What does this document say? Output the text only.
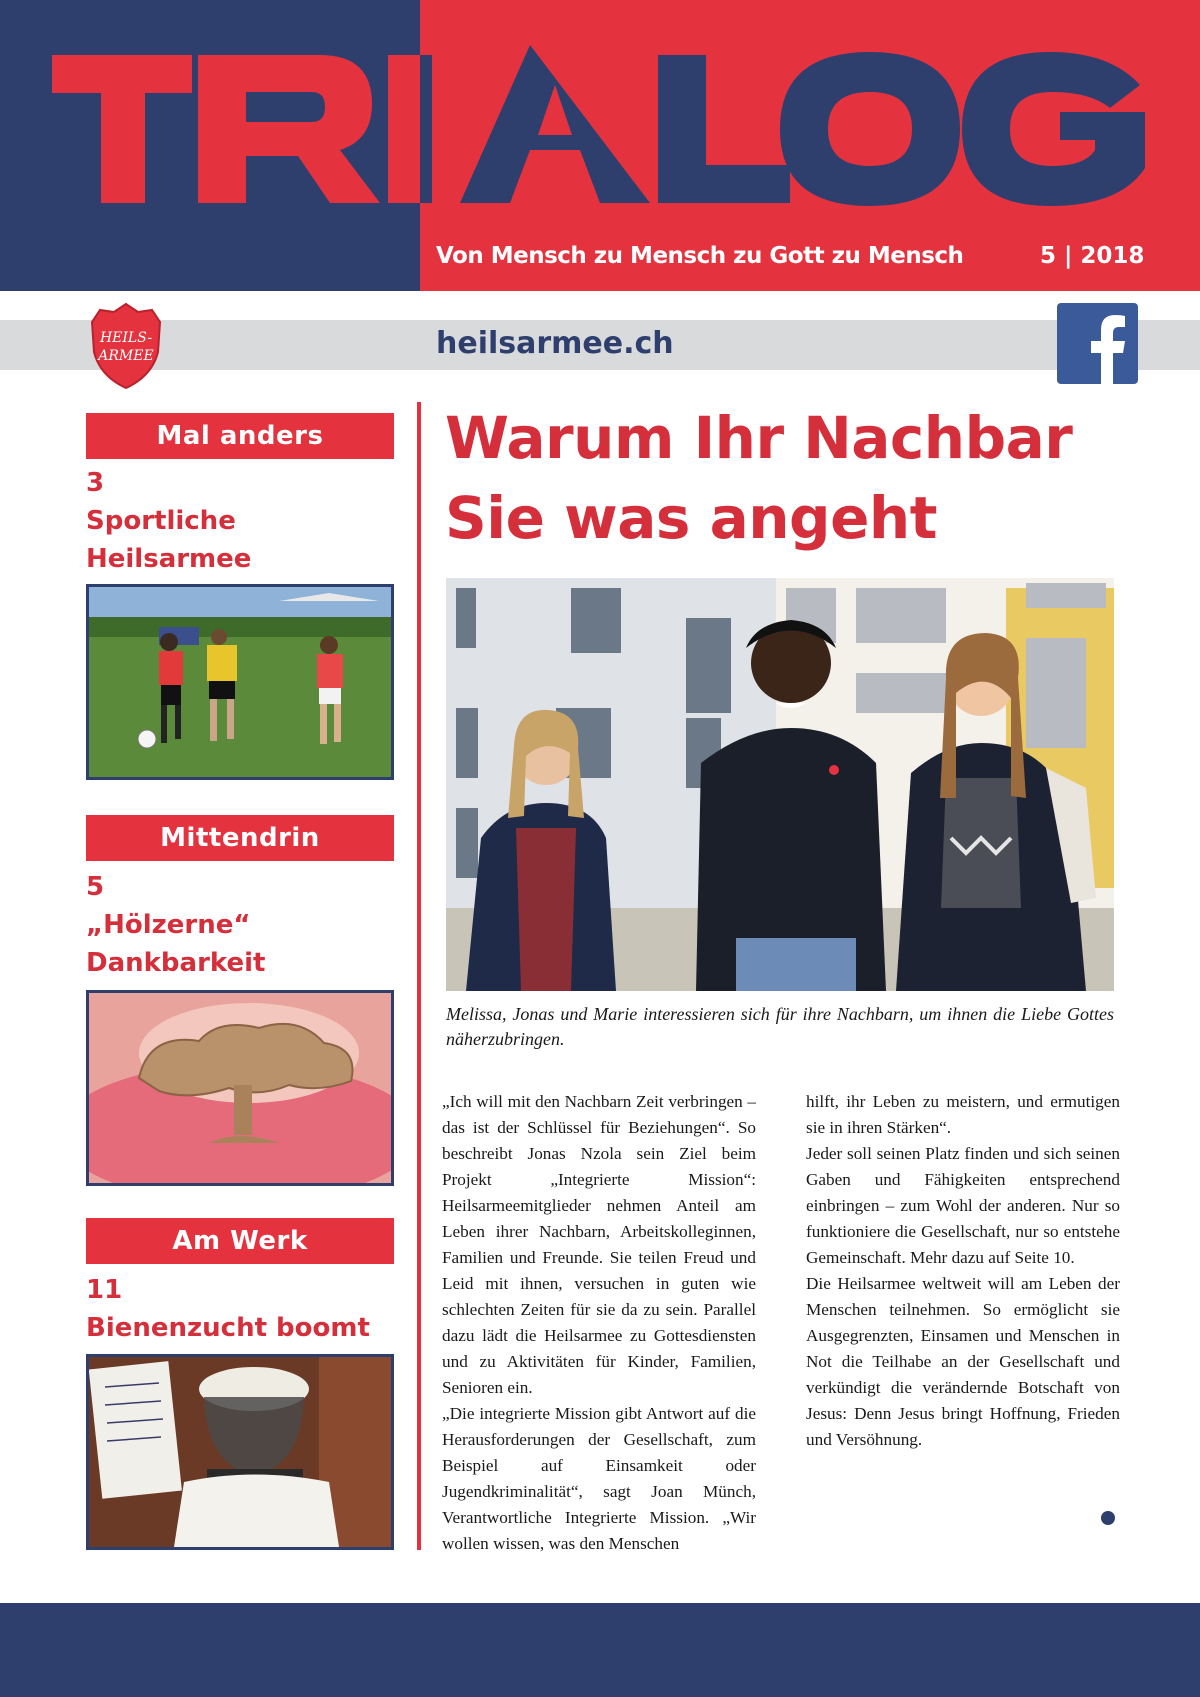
Von Mensch zu Mensch zu Gott zu Mensch	5 | 2018
heilsarmee.ch
HEILS-
ARMEE
Mal anders
3
Sportliche
Heilsarmee
Mittendrin
5
„Hölzerne“
Dankbarkeit
Am Werk
11
Bienenzucht boomt
Warum Ihr Nachbar
Sie was angeht
Melissa, Jonas und Marie interessieren sich für ihre Nachbarn, um ihnen die Liebe Gottes näherzubringen.

„Ich will mit den Nachbarn Zeit verbringen – das ist der Schlüssel für Beziehungen“. So beschreibt Jonas Nzola sein Ziel beim Projekt „Integrierte Mission“: Heilsarmeemitglieder nehmen Anteil am Leben ihrer Nachbarn, Arbeitskolleginnen, Familien und Freunde. Sie teilen Freud und Leid mit ihnen, versuchen in guten wie schlechten Zeiten für sie da zu sein. Parallel dazu lädt die Heilsarmee zu Gottesdiensten und zu Aktivitäten für Kinder, Familien, Senioren ein.

„Die integrierte Mission gibt Antwort auf die Herausforderungen der Gesellschaft, zum Beispiel auf Einsamkeit oder Jugendkriminalität“, sagt Joan Münch, Verantwortliche Integrierte Mission. „Wir wollen wissen, was den Menschen

hilft, ihr Leben zu meistern, und ermutigen sie in ihren Stärken“.

Jeder soll seinen Platz finden und sich seinen Gaben und Fähigkeiten entsprechend einbringen – zum Wohl der anderen. Nur so funktioniere die Gesellschaft, nur so entstehe Gemeinschaft. Mehr dazu auf Seite 10.

Die Heilsarmee weltweit will am Leben der Menschen teilnehmen. So ermöglicht sie Ausgegrenzten, Einsamen und Menschen in Not die Teilhabe an der Gesellschaft und verkündigt die verändernde Botschaft von Jesus: Denn Jesus bringt Hoffnung, Frieden und Versöhnung.
